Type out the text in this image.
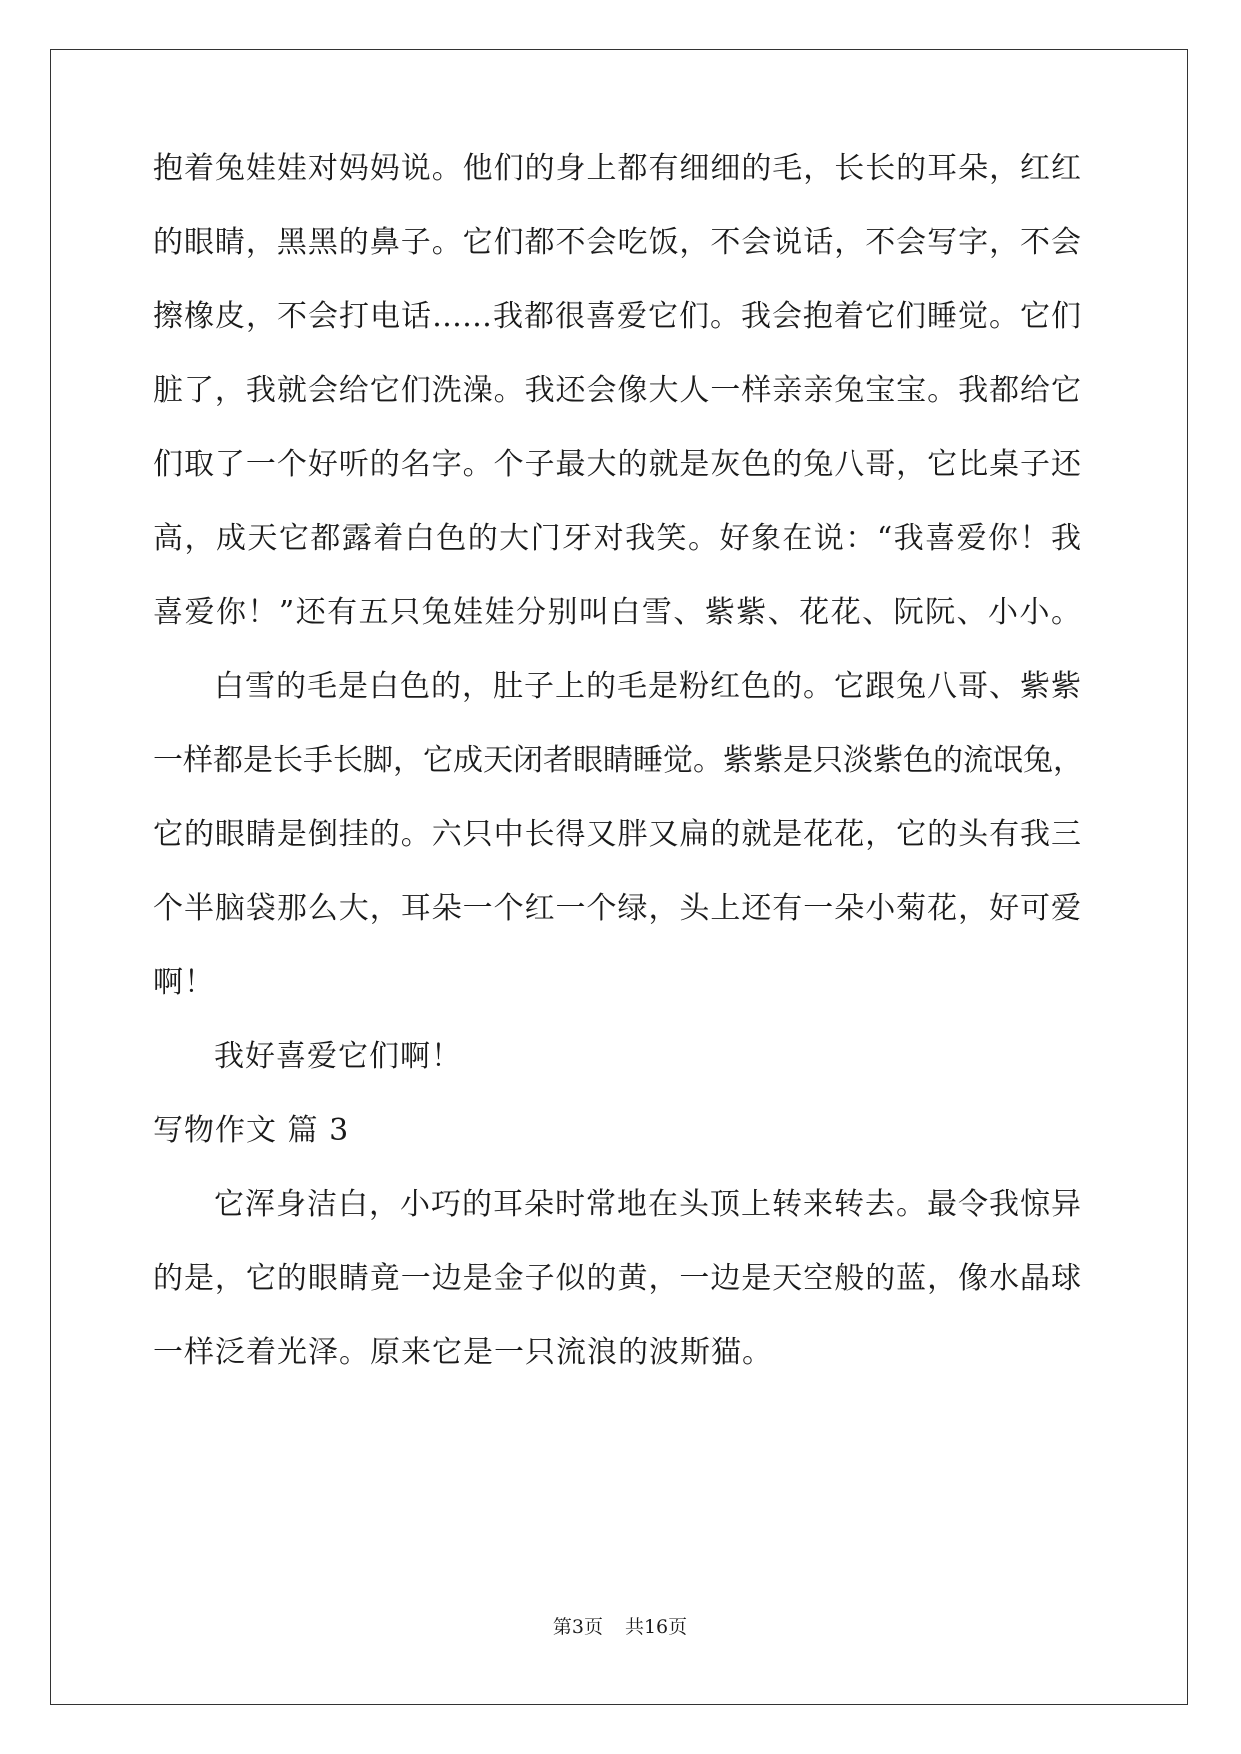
抱着兔娃娃对妈妈说。他们的身上都有细细的毛，长长的耳朵，红红
的眼睛，黑黑的鼻子。它们都不会吃饭，不会说话，不会写字，不会
擦橡皮，不会打电话……我都很喜爱它们。我会抱着它们睡觉。它们
脏了，我就会给它们洗澡。我还会像大人一样亲亲兔宝宝。我都给它
们取了一个好听的名字。个子最大的就是灰色的兔八哥，它比桌子还
高，成天它都露着白色的大门牙对我笑。好象在说：“我喜爱你！我
喜爱你！”还有五只兔娃娃分别叫白雪、紫紫、花花、阮阮、小小。
白雪的毛是白色的，肚子上的毛是粉红色的。它跟兔八哥、紫紫
一样都是长手长脚，它成天闭者眼睛睡觉。紫紫是只淡紫色的流氓兔，
它的眼睛是倒挂的。六只中长得又胖又扁的就是花花，它的头有我三
个半脑袋那么大，耳朵一个红一个绿，头上还有一朵小菊花，好可爱
啊！
我好喜爱它们啊！
写物作文 篇 3
它浑身洁白，小巧的耳朵时常地在头顶上转来转去。最令我惊异
的是，它的眼睛竟一边是金子似的黄，一边是天空般的蓝，像水晶球
一样泛着光泽。原来它是一只流浪的波斯猫。
第3页 共16页
